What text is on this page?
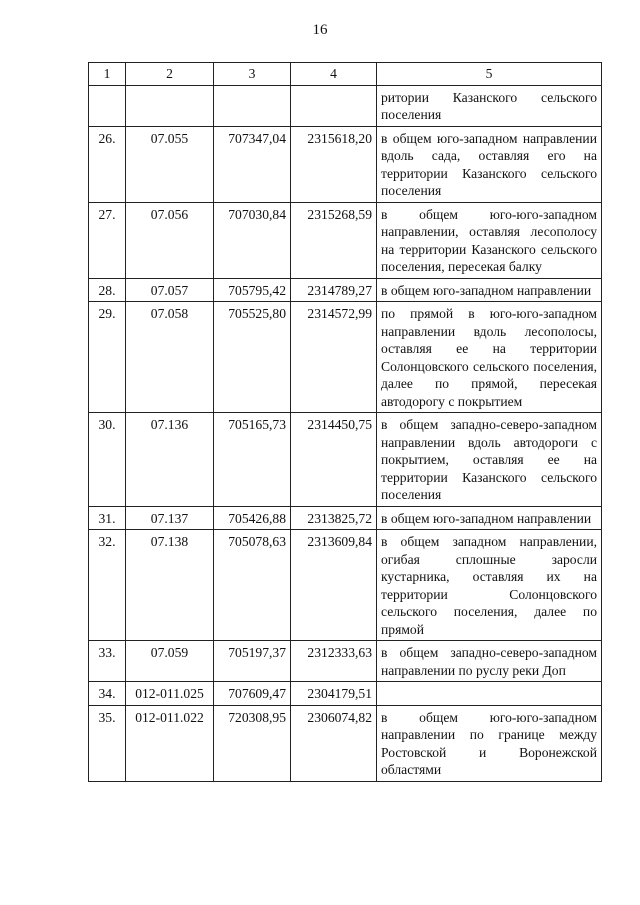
16
1	2	3	4	5
				ритории Казанского сельского поселения
26.	07.055	707347,04	2315618,20	в общем юго-западном направлении вдоль сада, оставляя его на территории Казанского сельского поселения
27.	07.056	707030,84	2315268,59	в общем юго-юго-западном направлении, оставляя лесополосу на территории Казанского сельского поселения, пересекая балку
28.	07.057	705795,42	2314789,27	в общем юго-западном направлении
29.	07.058	705525,80	2314572,99	по прямой в юго-юго-западном направлении вдоль лесополосы, оставляя ее на территории Солонцовского сельского поселения, далее по прямой, пересекая автодорогу с покрытием
30.	07.136	705165,73	2314450,75	в общем западно-северо-западном направлении вдоль автодороги с покрытием, оставляя ее на территории Казанского сельского поселения
31.	07.137	705426,88	2313825,72	в общем юго-западном направлении
32.	07.138	705078,63	2313609,84	в общем западном направлении, огибая сплошные заросли кустарника, оставляя их на территории Солонцовского сельского поселения, далее по прямой
33.	07.059	705197,37	2312333,63	в общем западно-северо-западном направлении по руслу реки Доп
34.	012-011.025	707609,47	2304179,51	
35.	012-011.022	720308,95	2306074,82	в общем юго-юго-западном направлении по границе между Ростовской и Воронежской областями
